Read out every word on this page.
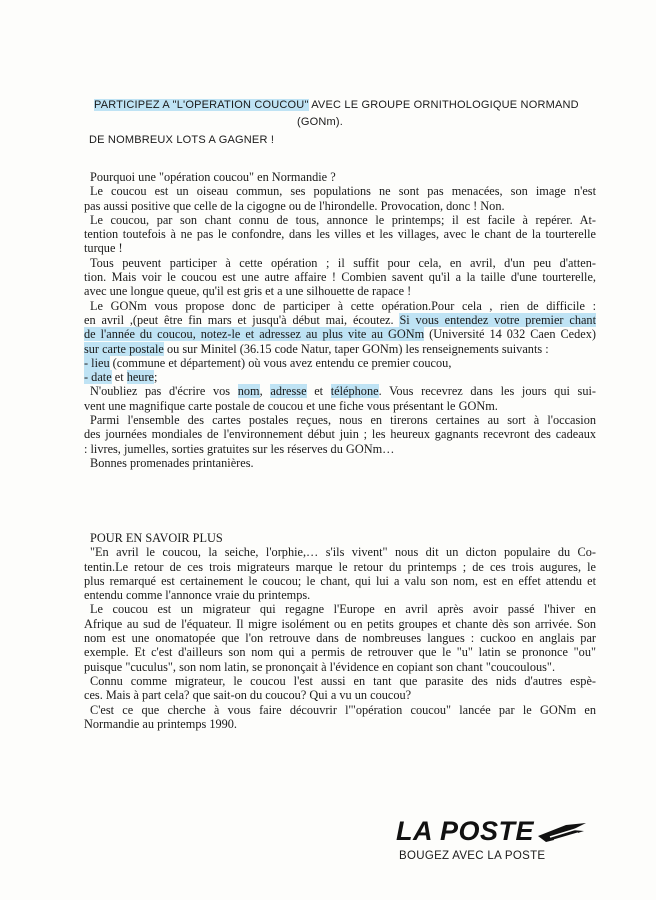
PARTICIPEZ A "L'OPERATION COUCOU" AVEC LE GROUPE ORNITHOLOGIQUE NORMAND
(GONm).
DE NOMBREUX LOTS A GAGNER !
Pourquoi une "opération coucou" en Normandie ?
Le coucou est un oiseau commun, ses populations ne sont pas menacées, son image n'est
pas aussi positive que celle de la cigogne ou de l'hirondelle. Provocation, donc ! Non.
Le coucou, par son chant connu de tous, annonce le printemps; il est facile à repérer. At-
tention toutefois à ne pas le confondre, dans les villes et les villages, avec le chant de la tourterelle
turque !
Tous peuvent participer à cette opération ; il suffit pour cela, en avril, d'un peu d'atten-
tion. Mais voir le coucou est une autre affaire ! Combien savent qu'il a la taille d'une tourterelle,
avec une longue queue, qu'il est gris et a une silhouette de rapace !
Le GONm vous propose donc de participer à cette opération.Pour cela , rien de difficile :
en avril ,(peut être fin mars et jusqu'à début mai, écoutez. Si vous entendez votre premier chant
de l'année du coucou, notez-le et adressez au plus vite au GONm (Université 14 032 Caen Cedex)
sur carte postale ou sur Minitel (36.15 code Natur, taper GONm) les renseignements suivants :
- lieu (commune et département) où vous avez entendu ce premier coucou,
- date et heure;
N'oubliez pas d'écrire vos nom, adresse et téléphone. Vous recevrez dans les jours qui sui-
vent une magnifique carte postale de coucou et une fiche vous présentant le GONm.
Parmi l'ensemble des cartes postales reçues, nous en tirerons certaines au sort à l'occasion
des journées mondiales de l'environnement début juin ; les heureux gagnants recevront des cadeaux
: livres, jumelles, sorties gratuites sur les réserves du GONm…
Bonnes promenades printanières.
POUR EN SAVOIR PLUS
"En avril le coucou, la seiche, l'orphie,… s'ils vivent" nous dit un dicton populaire du Co-
tentin.Le retour de ces trois migrateurs marque le retour du printemps ; de ces trois augures, le
plus remarqué est certainement le coucou; le chant, qui lui a valu son nom, est en effet attendu et
entendu comme l'annonce vraie du printemps.
Le coucou est un migrateur qui regagne l'Europe en avril après avoir passé l'hiver en
Afrique au sud de l'équateur. Il migre isolément ou en petits groupes et chante dès son arrivée. Son
nom est une onomatopée que l'on retrouve dans de nombreuses langues : cuckoo en anglais par
exemple. Et c'est d'ailleurs son nom qui a permis de retrouver que le "u" latin se prononce "ou"
puisque "cuculus", son nom latin, se prononçait à l'évidence en copiant son chant "coucoulous".
Connu comme migrateur, le coucou l'est aussi en tant que parasite des nids d'autres espè-
ces. Mais à part cela? que sait-on du coucou? Qui a vu un coucou?
C'est ce que cherche à vous faire découvrir l'"opération coucou" lancée par le GONm en
Normandie au printemps 1990.
LA POSTE
BOUGEZ AVEC LA POSTE
